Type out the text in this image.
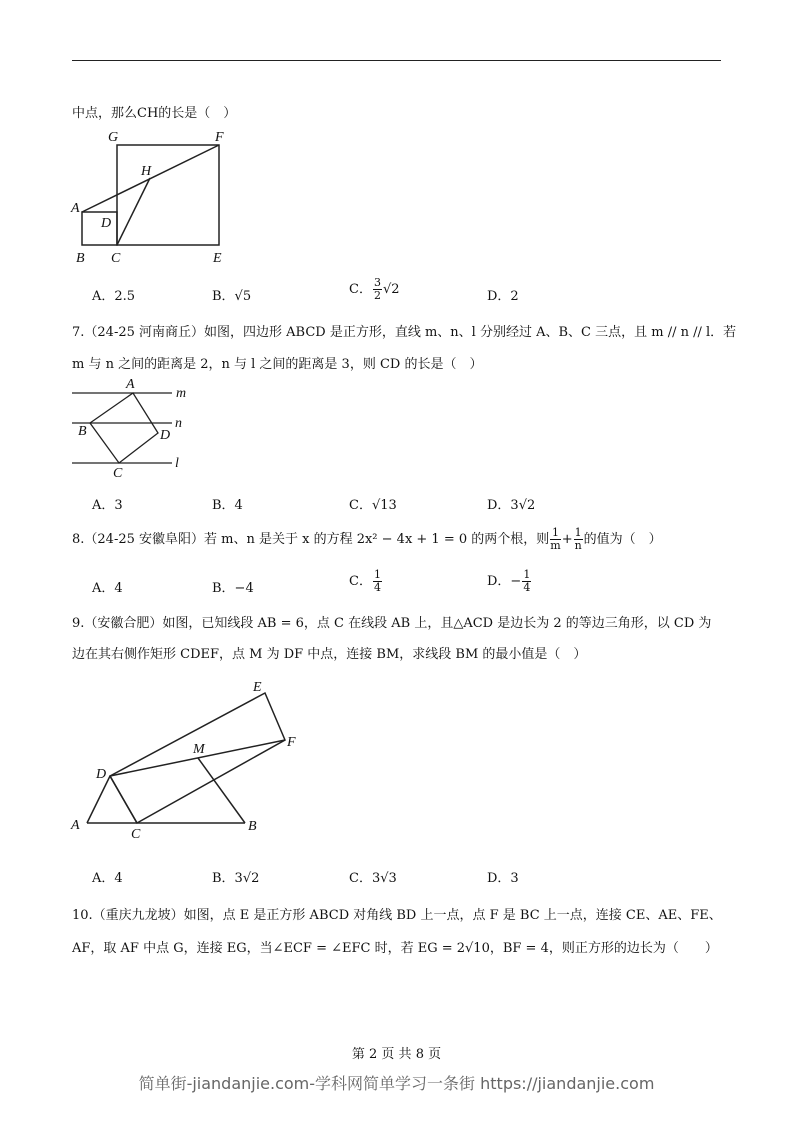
中点，那么CH的长是（　）
G	F
H
A
D
B C	E
A
B	D
C
m
n
l
E
F
M
D
A
C
B
A．2.5	B．√5	C． $\frac{3}{2} √2$	D．2
7.（24-25 河南商丘）如图，四边形 ABCD 是正方形，直线 m、n、l 分别经过 A、B、C 三点，且 m // n // l．若
m 与 n 之间的距离是 2，n 与 l 之间的距离是 3，则 CD 的长是（　）
A．3	B．4	C．√13	D．3√2
8.（24-25 安徽阜阳）若 m、n 是关于 x 的方程 2x² − 4x + 1 = 0 的两个根，则 $\frac{1}{m} + \frac{1}{n}$ 的值为（　）
A．4	B．−4	C． $\frac{1}{4}$	D．− $\frac{1}{4}$
9.（安徽合肥）如图，已知线段 AB = 6，点 C 在线段 AB 上，且△ACD 是边长为 2 的等边三角形，以 CD 为
边在其右侧作矩形 CDEF，点 M 为 DF 中点，连接 BM，求线段 BM 的最小值是（　）
A．4	B．3√2	C．3√3	D．3
10.（重庆九龙坡）如图，点 E 是正方形 ABCD 对角线 BD 上一点，点 F 是 BC 上一点，连接 CE、AE、FE、
AF，取 AF 中点 G，连接 EG，当∠ECF = ∠EFC 时，若 EG = 2√10，BF = 4，则正方形的边长为（　　）
第 2 页 共 8 页
简单街-jiandanjie.com-学科网简单学习一条街 https://jiandanjie.com
